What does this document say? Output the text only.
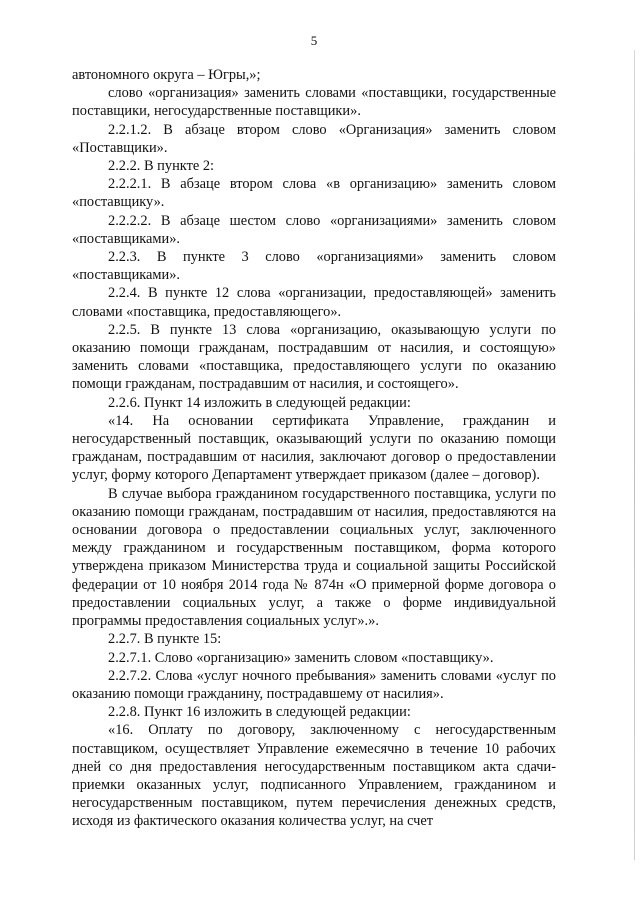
5

автономного округа – Югры,»;

слово «организация» заменить словами «поставщики, государственные поставщики, негосударственные поставщики».

2.2.1.2. В абзаце втором слово «Организация» заменить словом «Поставщики».

2.2.2. В пункте 2:

2.2.2.1. В абзаце втором слова «в организацию» заменить словом «поставщику».

2.2.2.2. В абзаце шестом слово «организациями» заменить словом «поставщиками».

2.2.3. В пункте 3 слово «организациями» заменить словом «поставщиками».

2.2.4. В пункте 12 слова «организации, предоставляющей» заменить словами «поставщика, предоставляющего».

2.2.5. В пункте 13 слова «организацию, оказывающую услуги по оказанию помощи гражданам, пострадавшим от насилия, и состоящую» заменить словами «поставщика, предоставляющего услуги по оказанию помощи гражданам, пострадавшим от насилия, и состоящего».

2.2.6. Пункт 14 изложить в следующей редакции:

«14. На основании сертификата Управление, гражданин и негосударственный поставщик, оказывающий услуги по оказанию помощи гражданам, пострадавшим от насилия, заключают договор о предоставлении услуг, форму которого Департамент утверждает приказом (далее – договор).

В случае выбора гражданином государственного поставщика, услуги по оказанию помощи гражданам, пострадавшим от насилия, предоставляются на основании договора о предоставлении социальных услуг, заключенного между гражданином и государственным поставщиком, форма которого утверждена приказом Министерства труда и социальной защиты Российской федерации от 10 ноября 2014 года № 874н «О примерной форме договора о предоставлении социальных услуг, а также о форме индивидуальной программы предоставления социальных услуг».».

2.2.7. В пункте 15:

2.2.7.1. Слово «организацию» заменить словом «поставщику».

2.2.7.2. Слова «услуг ночного пребывания» заменить словами «услуг по оказанию помощи гражданину, пострадавшему от насилия».

2.2.8. Пункт 16 изложить в следующей редакции:

«16. Оплату по договору, заключенному с негосударственным поставщиком, осуществляет Управление ежемесячно в течение 10 рабочих дней со дня предоставления негосударственным поставщиком акта сдачи-приемки оказанных услуг, подписанного Управлением, гражданином и негосударственным поставщиком, путем перечисления денежных средств, исходя из фактического оказания количества услуг, на счет
